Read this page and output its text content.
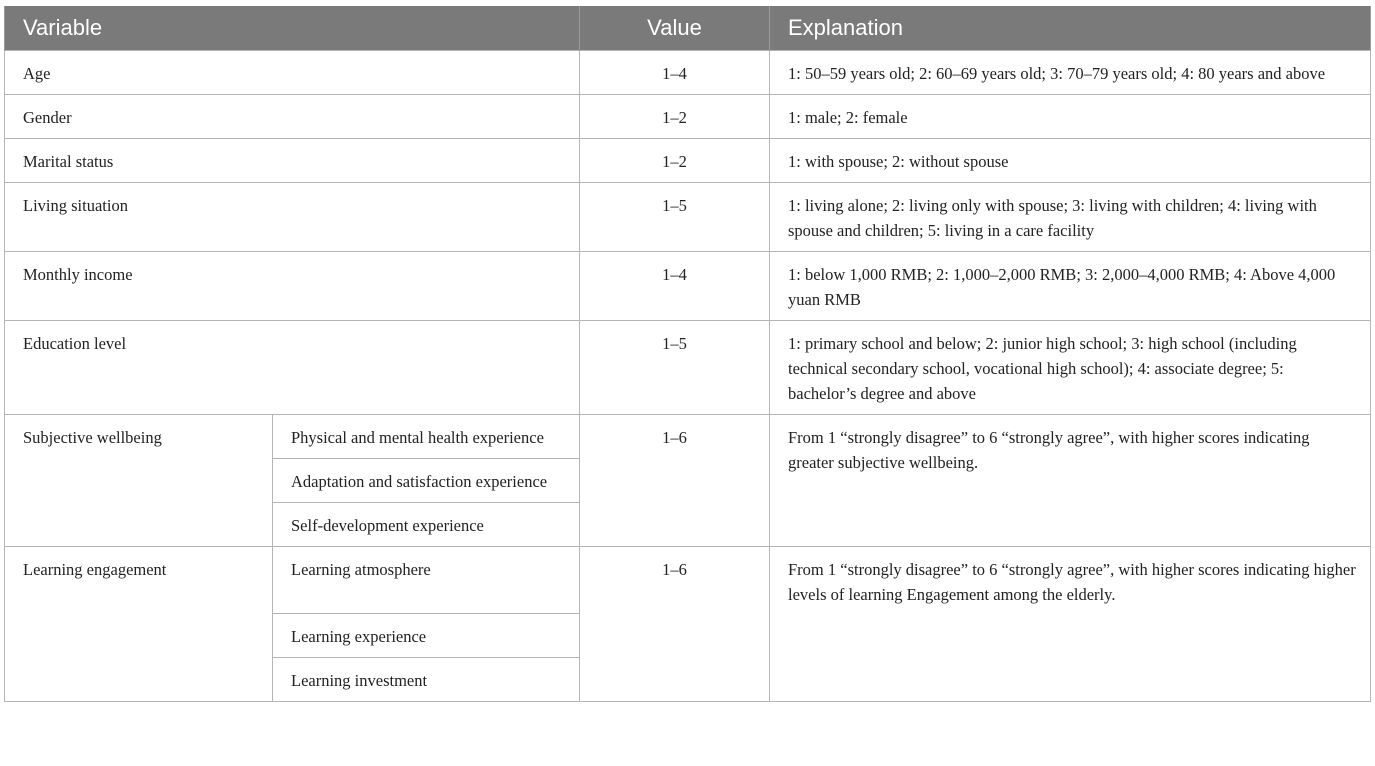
Variable		Value	Explanation
Age		1–4	1: 50–59 years old; 2: 60–69 years old; 3: 70–79 years old; 4: 80 years and above
Gender		1–2	1: male; 2: female
Marital status		1–2	1: with spouse; 2: without spouse
Living situation		1–5	1: living alone; 2: living only with spouse; 3: living with children; 4: living with spouse and children; 5: living in a care facility
Monthly income		1–4	1: below 1,000 RMB; 2: 1,000–2,000 RMB; 3: 2,000–4,000 RMB; 4: Above 4,000 yuan RMB
Education level		1–5	1: primary school and below; 2: junior high school; 3: high school (including technical secondary school, vocational high school); 4: associate degree; 5: bachelor’s degree and above
Subjective wellbeing	Physical and mental health experience	1–6	From 1 “strongly disagree” to 6 “strongly agree”, with higher scores indicating greater subjective wellbeing.
	Adaptation and satisfaction experience		
	Self-development experience		
Learning engagement	Learning atmosphere	1–6	From 1 “strongly disagree” to 6 “strongly agree”, with higher scores indicating higher levels of learning Engagement among the elderly.
	Learning experience		
	Learning investment		
